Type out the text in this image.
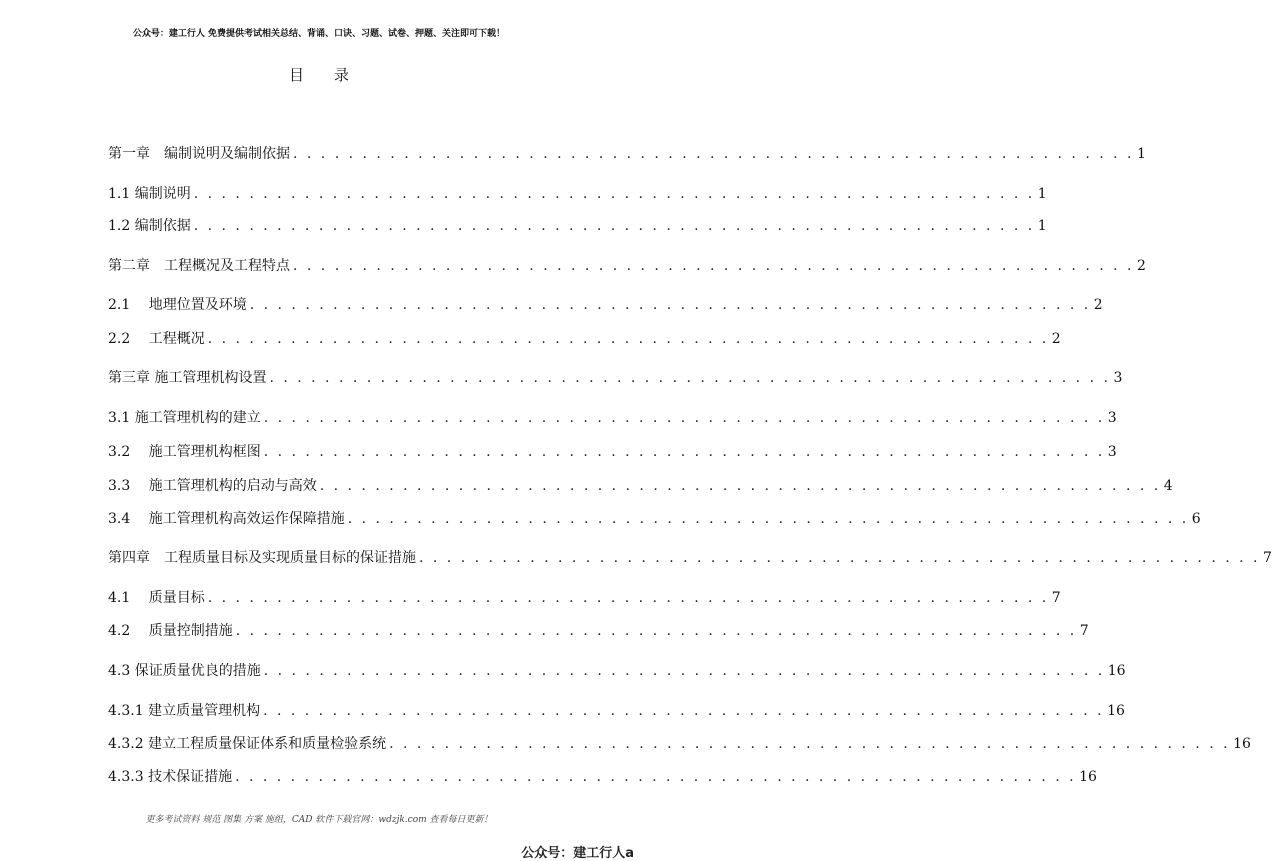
公众号：建工行人 免费提供考试相关总结、背诵、口诀、习题、试卷、押题、关注即可下载！
目录
第一章　编制说明及编制依据 . . . . . . . . . . . . . . . . . . . . . . . . . . . . . . . . . . . . . . . . . . . . . . . . . . . . . . . . . . . . . 1
1.1 编制说明 . . . . . . . . . . . . . . . . . . . . . . . . . . . . . . . . . . . . . . . . . . . . . . . . . . . . . . . . . . . . . 1
1.2 编制依据 . . . . . . . . . . . . . . . . . . . . . . . . . . . . . . . . . . . . . . . . . . . . . . . . . . . . . . . . . . . . . 1
第二章　工程概况及工程特点 . . . . . . . . . . . . . . . . . . . . . . . . . . . . . . . . . . . . . . . . . . . . . . . . . . . . . . . . . . . . . 2
2.1　 地理位置及环境 . . . . . . . . . . . . . . . . . . . . . . . . . . . . . . . . . . . . . . . . . . . . . . . . . . . . . . . . . . . . . 2
2.2　 工程概况 . . . . . . . . . . . . . . . . . . . . . . . . . . . . . . . . . . . . . . . . . . . . . . . . . . . . . . . . . . . . . 2
第三章 施工管理机构设置 . . . . . . . . . . . . . . . . . . . . . . . . . . . . . . . . . . . . . . . . . . . . . . . . . . . . . . . . . . . . . 3
3.1 施工管理机构的建立 . . . . . . . . . . . . . . . . . . . . . . . . . . . . . . . . . . . . . . . . . . . . . . . . . . . . . . . . . . . . . 3
3.2　 施工管理机构框图 . . . . . . . . . . . . . . . . . . . . . . . . . . . . . . . . . . . . . . . . . . . . . . . . . . . . . . . . . . . . . 3
3.3　 施工管理机构的启动与高效 . . . . . . . . . . . . . . . . . . . . . . . . . . . . . . . . . . . . . . . . . . . . . . . . . . . . . . . . . . . . . 4
3.4　 施工管理机构高效运作保障措施 . . . . . . . . . . . . . . . . . . . . . . . . . . . . . . . . . . . . . . . . . . . . . . . . . . . . . . . . . . . . . 6
第四章　工程质量目标及实现质量目标的保证措施 . . . . . . . . . . . . . . . . . . . . . . . . . . . . . . . . . . . . . . . . . . . . . . . . . . . . . . . . . . . . . 7
4.1　 质量目标 . . . . . . . . . . . . . . . . . . . . . . . . . . . . . . . . . . . . . . . . . . . . . . . . . . . . . . . . . . . . . 7
4.2　 质量控制措施 . . . . . . . . . . . . . . . . . . . . . . . . . . . . . . . . . . . . . . . . . . . . . . . . . . . . . . . . . . . . . 7
4.3 保证质量优良的措施 . . . . . . . . . . . . . . . . . . . . . . . . . . . . . . . . . . . . . . . . . . . . . . . . . . . . . . . . . . . . . 16
4.3.1 建立质量管理机构 . . . . . . . . . . . . . . . . . . . . . . . . . . . . . . . . . . . . . . . . . . . . . . . . . . . . . . . . . . . . . 16
4.3.2 建立工程质量保证体系和质量检验系统 . . . . . . . . . . . . . . . . . . . . . . . . . . . . . . . . . . . . . . . . . . . . . . . . . . . . . . . . . . . . . 16
4.3.3 技术保证措施 . . . . . . . . . . . . . . . . . . . . . . . . . . . . . . . . . . . . . . . . . . . . . . . . . . . . . . . . . . . . . 16
更多考试资料 规范 图集 方案 施组，CAD 软件下载官网：wdzjk.com 查看每日更新！
公众号：建工行人a
